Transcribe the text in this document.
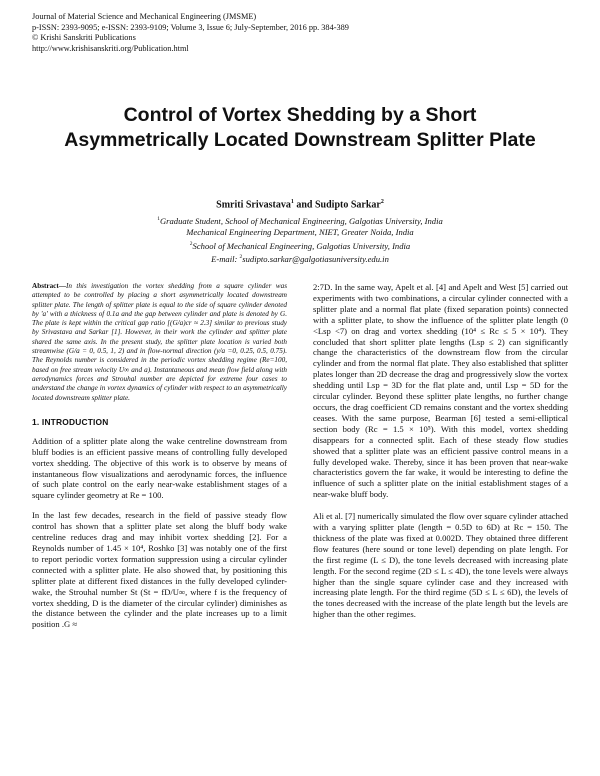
Journal of Material Science and Mechanical Engineering (JMSME)
p-ISSN: 2393-9095; e-ISSN: 2393-9109; Volume 3, Issue 6; July-September, 2016 pp. 384-389
© Krishi Sanskriti Publications
http://www.krishisanskriti.org/Publication.html
Control of Vortex Shedding by a Short Asymmetrically Located Downstream Splitter Plate
Smriti Srivastava$^1$ and Sudipto Sarkar$^2$
$^1$Graduate Student, School of Mechanical Engineering, Galgotias University, India
Mechanical Engineering Department, NIET, Greater Noida, India
$^2$School of Mechanical Engineering, Galgotias University, India
E-mail: $^2$sudipto.sarkar@galgotiasuniversity.edu.in
Abstract—In this investigation the vortex shedding from a square cylinder was attempted to be controlled by placing a short asymmetrically located downstream splitter plate. The length of splitter plate is equal to the side of square cylinder denoted by 'a' with a thickness of 0.1a and the gap between cylinder and plate is denoted by G. The plate is kept within the critical gap ratio [(G/a)cr ≈ 2.3] similar to previous study by Srivastava and Sarkar [1]. However, in their work the cylinder and splitter plate shared the same axis. In the present study, the splitter plate location is varied both streamwise (G/a = 0, 0.5, 1, 2) and in flow-normal direction (y/a =0, 0.25, 0.5, 0.75). The Reynolds number is considered in the periodic vortex shedding regime (Re=100, based on free stream velocity U∞ and a). Instantaneous and mean flow field along with aerodynamics forces and Strouhal number are depicted for extreme four cases to understand the change in vortex dynamics of cylinder with respect to an asymmetrically located downstream splitter plate.
1. INTRODUCTION

Addition of a splitter plate along the wake centreline downstream from bluff bodies is an efficient passive means of controlling fully developed vortex shedding. The objective of this work is to observe by means of instantaneous flow visualizations and aerodynamic forces, the influence of such plate control on the early near-wake establishment stages of a square cylinder geometry at Re = 100.

In the last few decades, research in the field of passive steady flow control has shown that a splitter plate set along the bluff body wake centreline reduces drag and may inhibit vortex shedding [2]. For a Reynolds number of 1.45 × 10⁴, Roshko [3] was notably one of the first to report periodic vortex formation suppression using a circular cylinder connected with a splitter plate. He also showed that, by positioning this splitter plate at different fixed distances in the fully developed cylinder-wake, the Strouhal number St (St = fD/U∞, where f is the frequency of vortex shedding, D is the diameter of the circular cylinder) diminishes as the distance between the cylinder and the plate increases up to a limit position .G ≈

2:7D. In the same way, Apelt et al. [4] and Apelt and West [5] carried out experiments with two combinations, a circular cylinder connected with a splitter plate and a normal flat plate (fixed separation points) connected with a splitter plate, to show the influence of the splitter plate length (0 <Lsp <7) on drag and vortex shedding (10⁴ ≤ Rc ≤ 5 × 10⁴). They concluded that short splitter plate lengths (Lsp ≤ 2) can significantly change the characteristics of the downstream flow from the circular cylinder and from the normal flat plate. They also established that splitter plates longer than 2D decrease the drag and progressively slow the vortex shedding until Lsp = 3D for the flat plate and, until Lsp = 5D for the circular cylinder. Beyond these splitter plate lengths, no further change occurs, the drag coefficient CD remains constant and the vortex shedding ceases. With the same purpose, Bearman [6] tested a semi-elliptical section body (Rc = 1.5 × 10⁵). With this model, vortex shedding disappears for a connected split. Each of these steady flow studies showed that a splitter plate was an efficient passive control means in a fully developed wake. Thereby, since it has been proven that near-wake characteristics govern the far wake, it would be interesting to define the influence of such a splitter plate on the initial establishment stages of a near-wake bluff body.

Ali et al. [7] numerically simulated the flow over square cylinder attached with a varying splitter plate (length = 0.5D to 6D) at Rc = 150. The thickness of the plate was fixed at 0.002D. They obtained three different flow features (here sound or tone level) depending on plate length. For the first regime (L ≤ D), the tone levels decreased with increasing plate length. For the second regime (2D ≤ L ≤ 4D), the tone levels were always higher than the single square cylinder case and they increased with increasing plate length. For the third regime (5D ≤ L ≤ 6D), the levels of the tones decreased with the increase of the plate length but the levels are higher than the other regimes.
